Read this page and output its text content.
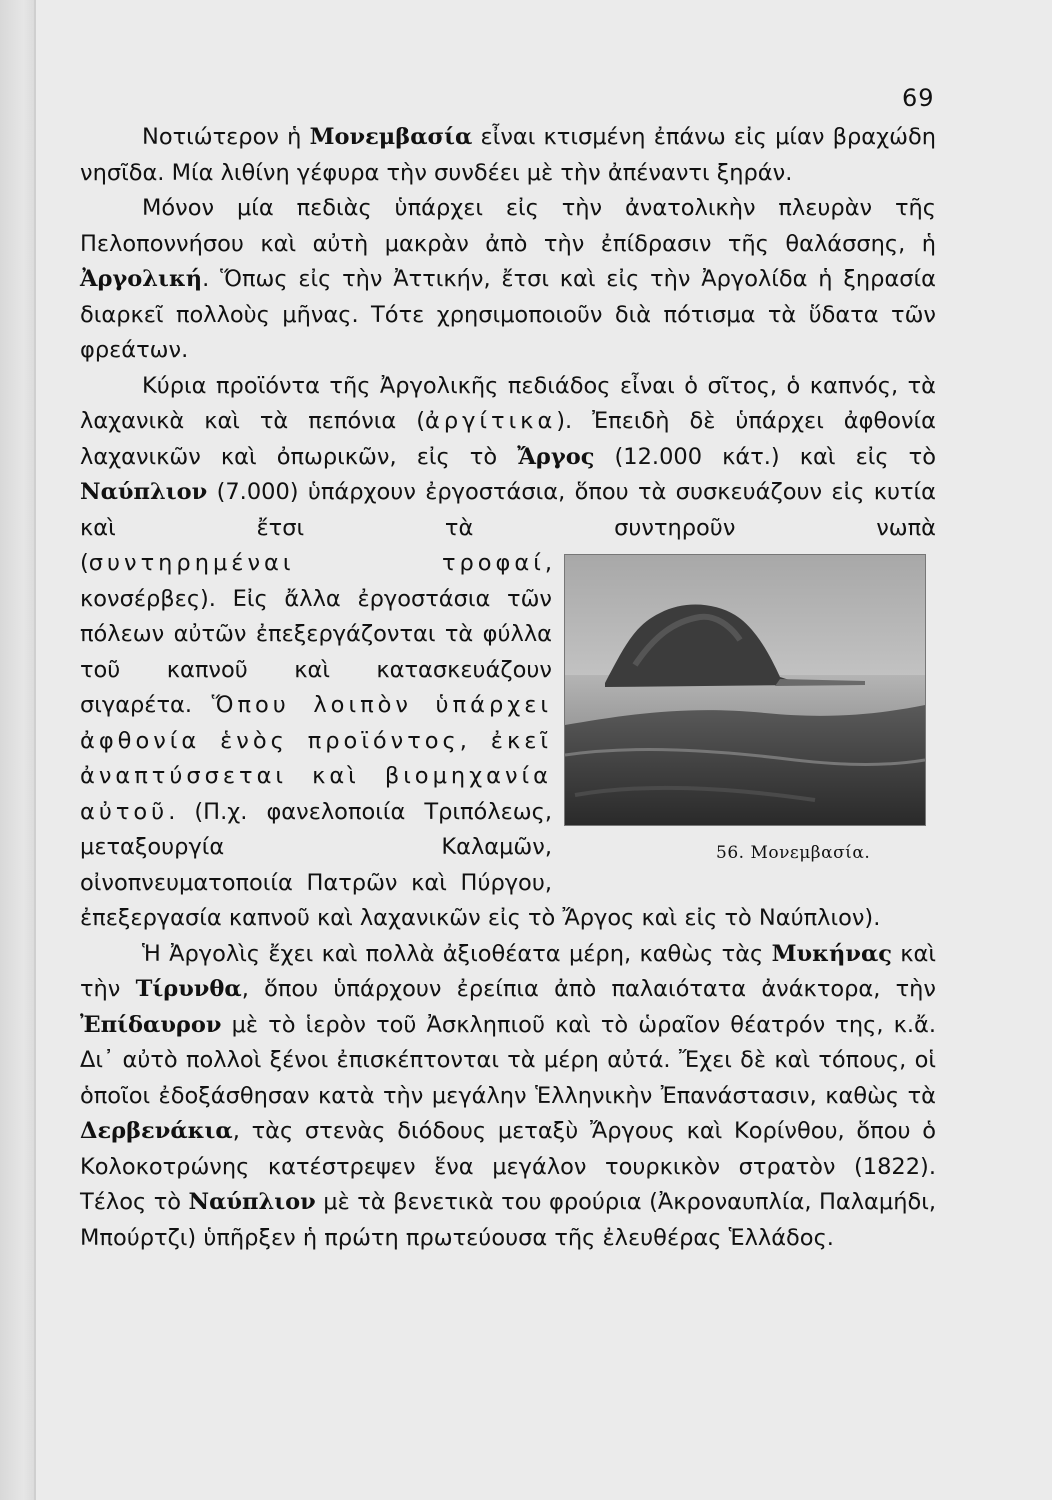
69

Νοτιώτερον ἡ Μονεμβασία εἶναι κτισμένη ἐπάνω εἰς μίαν βραχώδη νησῖδα. Μία λιθίνη γέφυρα τὴν συνδέει μὲ τὴν ἀπέναντι ξηράν.

Μόνον μία πεδιὰς ὑπάρχει εἰς τὴν ἀνατολικὴν πλευρὰν τῆς Πελοποννήσου καὶ αὐτὴ μακρὰν ἀπὸ τὴν ἐπίδρασιν τῆς θαλάσσης, ἡ Ἀργολική. Ὅπως εἰς τὴν Ἀττικήν, ἔτσι καὶ εἰς τὴν Ἀργολίδα ἡ ξηρασία διαρκεῖ πολλοὺς μῆνας. Τότε χρησιμοποιοῦν διὰ πότισμα τὰ ὕδατα τῶν φρεάτων.

Κύρια προϊόντα τῆς Ἀργολικῆς πεδιάδος εἶναι ὁ σῖτος, ὁ καπνός, τὰ λαχανικὰ καὶ τὰ πεπόνια (ἀργίτικα). Ἐπειδὴ δὲ ὑπάρχει ἀφθονία λαχανικῶν καὶ ὀπωρικῶν, εἰς τὸ Ἄργος (12.000 κάτ.) καὶ εἰς τὸ Ναύπλιον (7.000) ὑπάρχουν ἐργοστάσια, ὅπου τὰ συσκευάζουν εἰς κυτία καὶ ἔτσι τὰ συντηροῦν νωπὰ (
56. Μονεμβασία.
συντηρημέναι τροφαί, κονσέρβες). Εἰς ἄλλα ἐργοστάσια τῶν πόλεων αὐτῶν ἐπεξεργάζονται τὰ φύλλα τοῦ καπνοῦ καὶ κατασκευάζουν σιγαρέτα. Ὅπου λοιπὸν ὑπάρχει ἀφθονία ἑνὸς προϊόντος, ἐκεῖ ἀναπτύσσεται καὶ βιομηχανία αὐτοῦ. (Π.χ. φανελοποιία Τριπόλεως, μεταξουργία Καλαμῶν, οἰνοπνευματοποιία Πατρῶν καὶ Πύργου, ἐπεξεργασία καπνοῦ καὶ λαχανικῶν εἰς τὸ Ἄργος καὶ εἰς τὸ Ναύπλιον).

Ἡ Ἀργολὶς ἔχει καὶ πολλὰ ἀξιοθέατα μέρη, καθὼς τὰς Μυκήνας καὶ τὴν Τίρυνθα, ὅπου ὑπάρχουν ἐρείπια ἀπὸ παλαιότατα ἀνάκτορα, τὴν Ἐπίδαυρον μὲ τὸ ἱερὸν τοῦ Ἀσκληπιοῦ καὶ τὸ ὡραῖον θέατρόν της, κ.ἄ. Δι᾿ αὐτὸ πολλοὶ ξένοι ἐπισκέπτονται τὰ μέρη αὐτά. Ἔχει δὲ καὶ τόπους, οἱ ὁποῖοι ἐδοξάσθησαν κατὰ τὴν μεγάλην Ἑλληνικὴν Ἐπανάστασιν, καθὼς τὰ Δερβενάκια, τὰς στενὰς διόδους μεταξὺ Ἄργους καὶ Κορίνθου, ὅπου ὁ Κολοκοτρώνης κατέστρεψεν ἕνα μεγάλον τουρκικὸν στρατὸν (1822). Τέλος τὸ Ναύπλιον μὲ τὰ βενετικὰ του φρούρια (Ἀκροναυπλία, Παλαμήδι, Μπούρτζι) ὑπῆρξεν ἡ πρώτη πρωτεύουσα τῆς ἐλευθέρας Ἑλλάδος.
